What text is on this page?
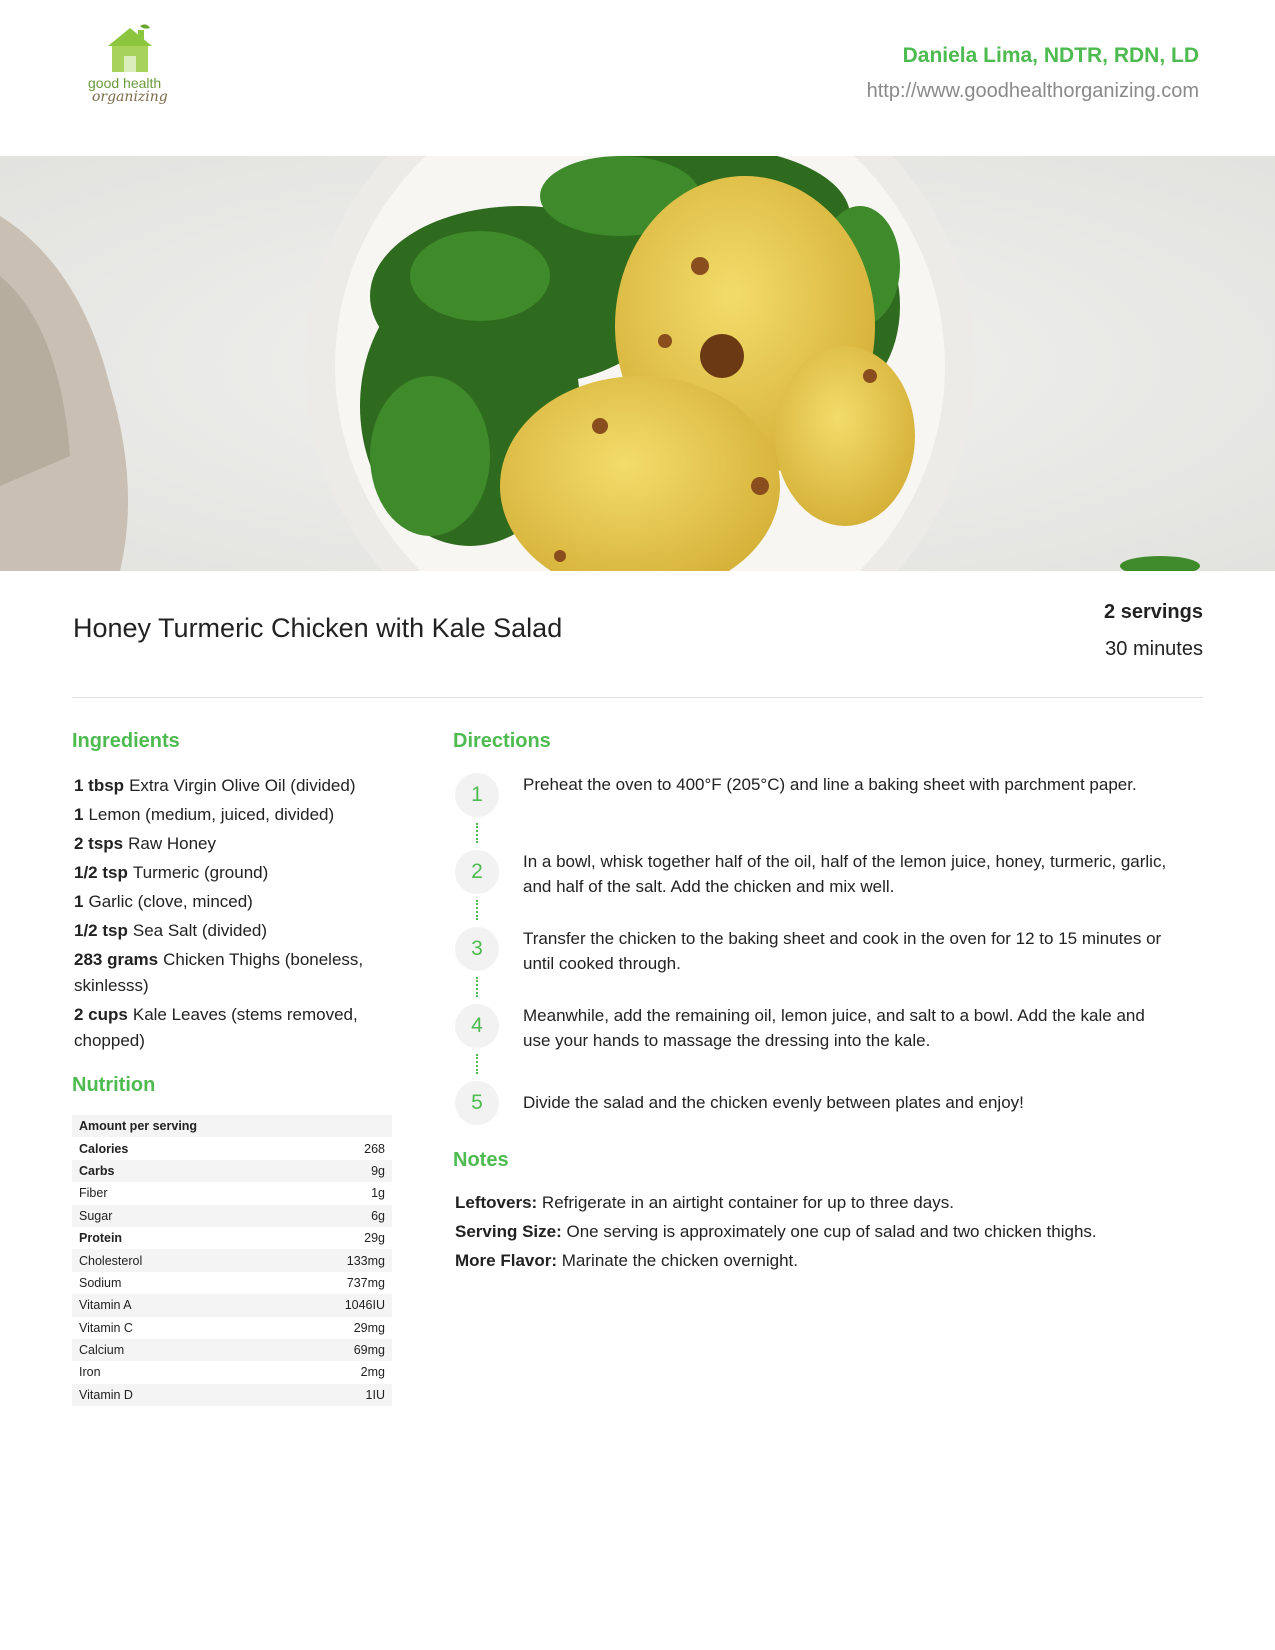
good health
organizing
Daniela Lima, NDTR, RDN, LD
http://www.goodhealthorganizing.com
Honey Turmeric Chicken with Kale Salad
2 servings
30 minutes
Ingredients
1 tbsp Extra Virgin Olive Oil (divided)
1 Lemon (medium, juiced, divided)
2 tsps Raw Honey
1/2 tsp Turmeric (ground)
1 Garlic (clove, minced)
1/2 tsp Sea Salt (divided)
283 grams Chicken Thighs (boneless, skinlesss)
2 cups Kale Leaves (stems removed, chopped)
Nutrition
Amount per serving	
Calories	268
Carbs	9g
Fiber	1g
Sugar	6g
Protein	29g
Cholesterol	133mg
Sodium	737mg
Vitamin A	1046IU
Vitamin C	29mg
Calcium	69mg
Iron	2mg
Vitamin D	1IU
Directions
1	Preheat the oven to 400°F (205°C) and line a baking sheet with parchment paper.
2	In a bowl, whisk together half of the oil, half of the lemon juice, honey, turmeric, garlic, and half of the salt. Add the chicken and mix well.
3	Transfer the chicken to the baking sheet and cook in the oven for 12 to 15 minutes or until cooked through.
4	Meanwhile, add the remaining oil, lemon juice, and salt to a bowl. Add the kale and use your hands to massage the dressing into the kale.
5	Divide the salad and the chicken evenly between plates and enjoy!
Notes

Leftovers: Refrigerate in an airtight container for up to three days.

Serving Size: One serving is approximately one cup of salad and two chicken thighs.

More Flavor: Marinate the chicken overnight.
